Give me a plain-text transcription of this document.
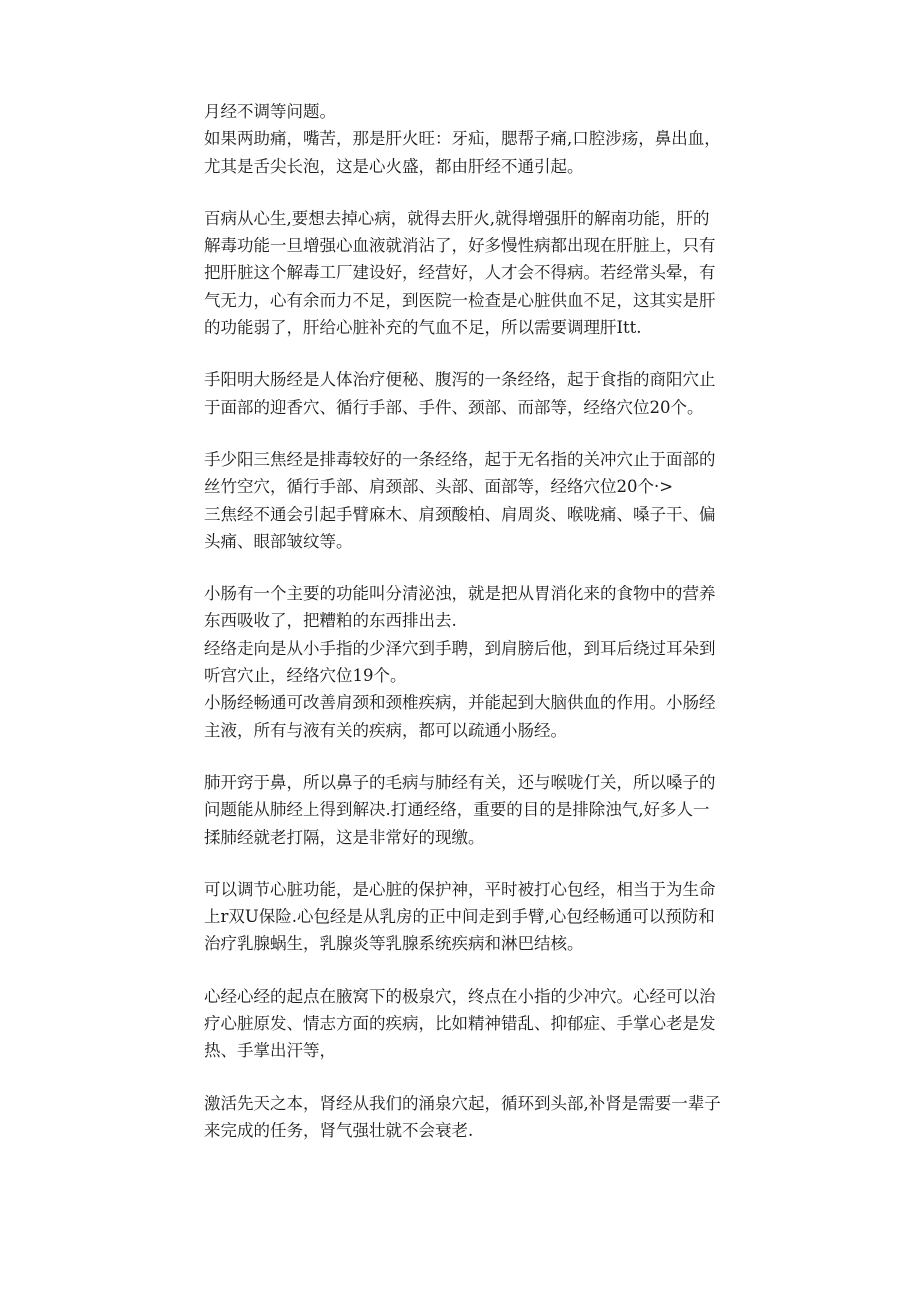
月经不调等问题。
如果两助痛，嘴苦，那是肝火旺：牙疝，腮帮子痛,口腔涉疡，鼻出血，
尤其是舌尖长泡，这是心火盛，都由肝经不通引起。
百病从心生,要想去掉心病，就得去肝火,就得增强肝的解南功能，肝的
解毒功能一旦增强心血液就消沾了，好多慢性病都出现在肝脏上，只有
把肝脏这个解毒工厂建设好，经营好，人才会不得病。若经常头晕，有
气无力，心有余而力不足，到医院一检查是心脏供血不足，这其实是肝
的功能弱了，肝给心脏补充的气血不足，所以需要调理肝Itt.
手阳明大肠经是人体治疗便秘、腹泻的一条经络，起于食指的商阳穴止
于面部的迎香穴、循行手部、手件、颈部、而部等，经络穴位20个。
手少阳三焦经是排毒较好的一条经络，起于无名指的关冲穴止于面部的
丝竹空穴，循行手部、肩颈部、头部、面部等，经络穴位20个·>
三焦经不通会引起手臂麻木、肩颈酸柏、肩周炎、喉咙痛、嗓子干、偏
头痛、眼部皱纹等。
小肠有一个主要的功能叫分清泌浊，就是把从胃消化来的食物中的营养
东西吸收了，把糟粕的东西排出去.
经络走向是从小手指的少泽穴到手聘，到肩膀后他，到耳后绕过耳朵到
听宫穴止，经络穴位19个。
小肠经畅通可改善肩颈和颈椎疾病，并能起到大脑供血的作用。小肠经
主液，所有与液有关的疾病，都可以疏通小肠经。
肺开窍于鼻，所以鼻子的毛病与肺经有关，还与喉咙仃关，所以嗓子的
问题能从肺经上得到解决.打通经络，重要的目的是排除浊气,好多人一
揉肺经就老打隔，这是非常好的现缴。
可以调节心脏功能，是心脏的保护神，平时被打心包经，相当于为生命
上r双U保险.心包经是从乳房的正中间走到手臂,心包经畅通可以预防和
治疗乳腺蜗生，乳腺炎等乳腺系统疾病和淋巴结核。
心经心经的起点在腋窝下的极泉穴，终点在小指的少冲穴。心经可以治
疗心脏原发、情志方面的疾病，比如精神错乱、抑郁症、手掌心老是发
热、手掌出汗等，
激活先天之本，肾经从我们的涌泉穴起，循环到头部,补肾是需要一辈子
来完成的任务，肾气强壮就不会衰老.
